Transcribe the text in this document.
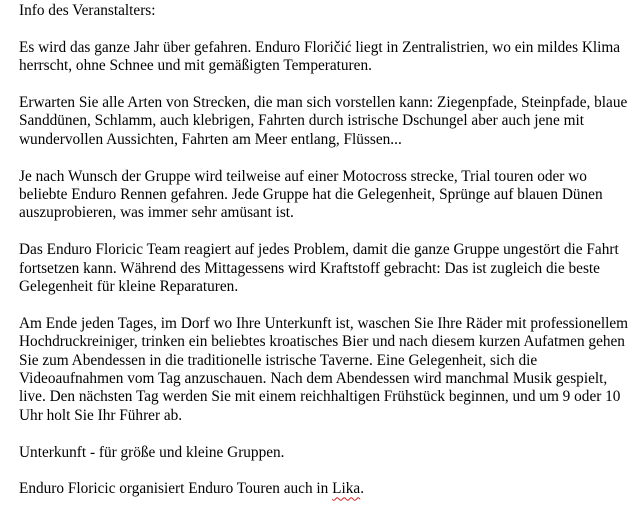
Info des Veranstalters:

Es wird das ganze Jahr über gefahren. Enduro Floričić liegt in Zentralistrien, wo ein mildes Klima herrscht, ohne Schnee und mit gemäßigten Temperaturen.

Erwarten Sie alle Arten von Strecken, die man sich vorstellen kann: Ziegenpfade, Steinpfade, blaue Sanddünen, Schlamm, auch klebrigen, Fahrten durch istrische Dschungel aber auch jene mit wundervollen Aussichten, Fahrten am Meer entlang, Flüssen...

Je nach Wunsch der Gruppe wird teilweise auf einer Motocross strecke, Trial touren oder wo beliebte Enduro Rennen gefahren. Jede Gruppe hat die Gelegenheit, Sprünge auf blauen Dünen auszuprobieren, was immer sehr amüsant ist.

Das Enduro Floricic Team reagiert auf jedes Problem, damit die ganze Gruppe ungestört die Fahrt fortsetzen kann. Während des Mittagessens wird Kraftstoff gebracht: Das ist zugleich die beste Gelegenheit für kleine Reparaturen.

Am Ende jeden Tages, im Dorf wo Ihre Unterkunft ist, waschen Sie Ihre Räder mit professionellem Hochdruckreiniger, trinken ein beliebtes kroatisches Bier und nach diesem kurzen Aufatmen gehen Sie zum Abendessen in die traditionelle istrische Taverne. Eine Gelegenheit, sich die Videoaufnahmen vom Tag anzuschauen. Nach dem Abendessen wird manchmal Musik gespielt, live. Den nächsten Tag werden Sie mit einem reichhaltigen Frühstück beginnen, und um 9 oder 10 Uhr holt Sie Ihr Führer ab.

Unterkunft - für größe und kleine Gruppen.

Enduro Floricic organisiert Enduro Touren auch in Lika.
